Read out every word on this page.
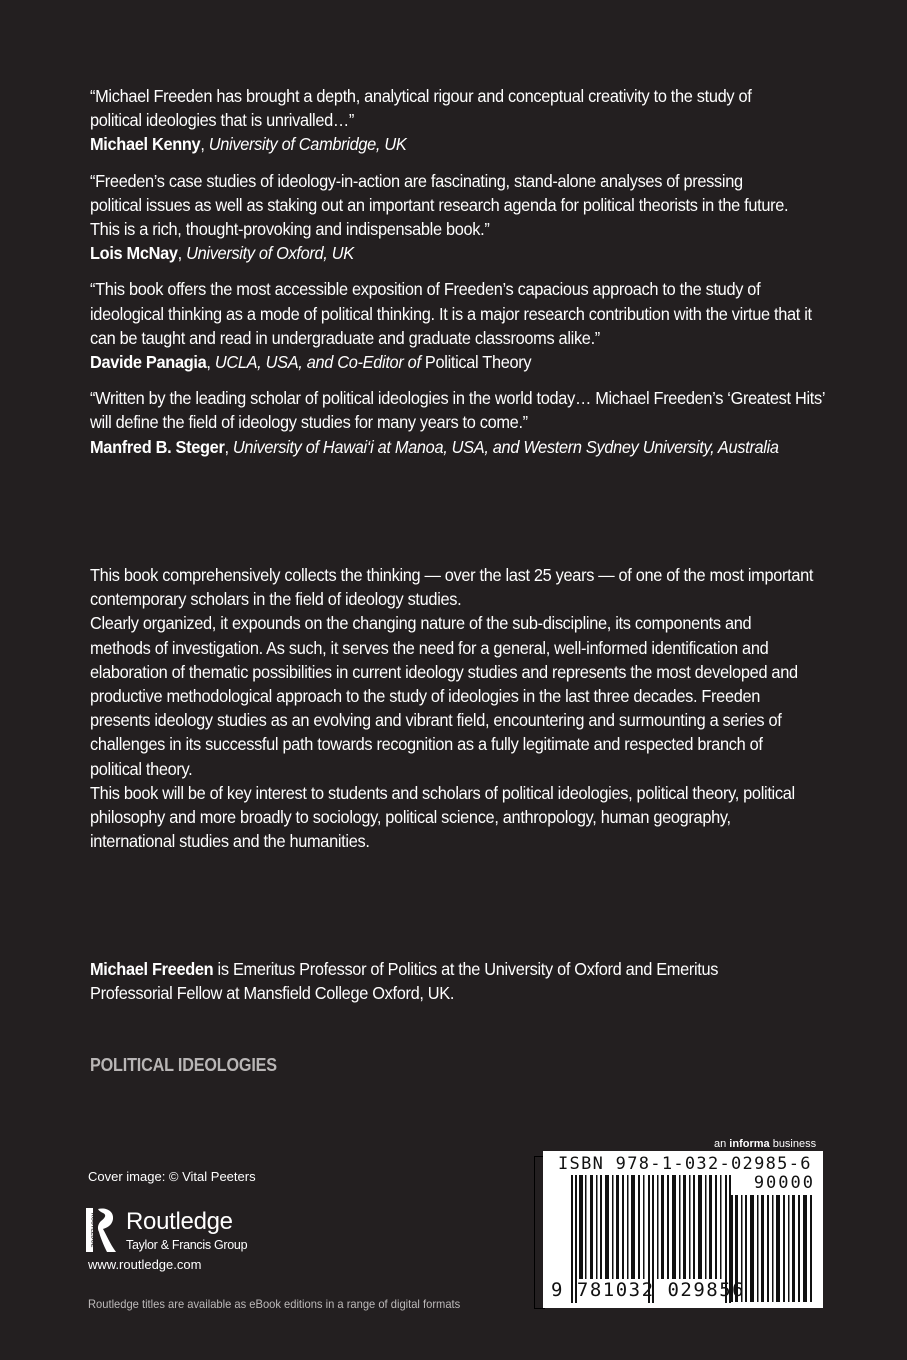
“Michael Freeden has brought a depth, analytical rigour and conceptual creativity to the study of political ideologies that is unrivalled…”

Michael Kenny, University of Cambridge, UK

“Freeden’s case studies of ideology-in-action are fascinating, stand-alone analyses of pressing political issues as well as staking out an important research agenda for political theorists in the future. This is a rich, thought-provoking and indispensable book.”

Lois McNay, University of Oxford, UK

“This book offers the most accessible exposition of Freeden’s capacious approach to the study of ideological thinking as a mode of political thinking. It is a major research contribution with the virtue that it can be taught and read in undergraduate and graduate classrooms alike.”

Davide Panagia, UCLA, USA, and Co-Editor of Political Theory

“Written by the leading scholar of political ideologies in the world today… Michael Freeden’s ‘Greatest Hits’ will define the field of ideology studies for many years to come.”

Manfred B. Steger, University of Hawai‘i at Manoa, USA, and Western Sydney University, Australia

This book comprehensively collects the thinking — over the last 25 years — of one of the most important contemporary scholars in the field of ideology studies.

Clearly organized, it expounds on the changing nature of the sub-discipline, its components and methods of investigation. As such, it serves the need for a general, well-informed identification and elaboration of thematic possibilities in current ideology studies and represents the most developed and productive methodological approach to the study of ideologies in the last three decades. Freeden presents ideology studies as an evolving and vibrant field, encountering and surmounting a series of challenges in its successful path towards recognition as a fully legitimate and respected branch of political theory.

This book will be of key interest to students and scholars of political ideologies, political theory, political philosophy and more broadly to sociology, political science, anthropology, human geography, international studies and the humanities.

Michael Freeden is Emeritus Professor of Politics at the University of Oxford and Emeritus Professorial Fellow at Mansfield College Oxford, UK.

POLITICAL IDEOLOGIES
Cover image: © Vital Peeters
ROUTLEDGE Routledge
Taylor & Francis Group
www.routledge.com
Routledge titles are available as eBook editions in a range of digital formats
an informa business
ISBN 978-1-032-02985-6
90000
9 781032 029856
